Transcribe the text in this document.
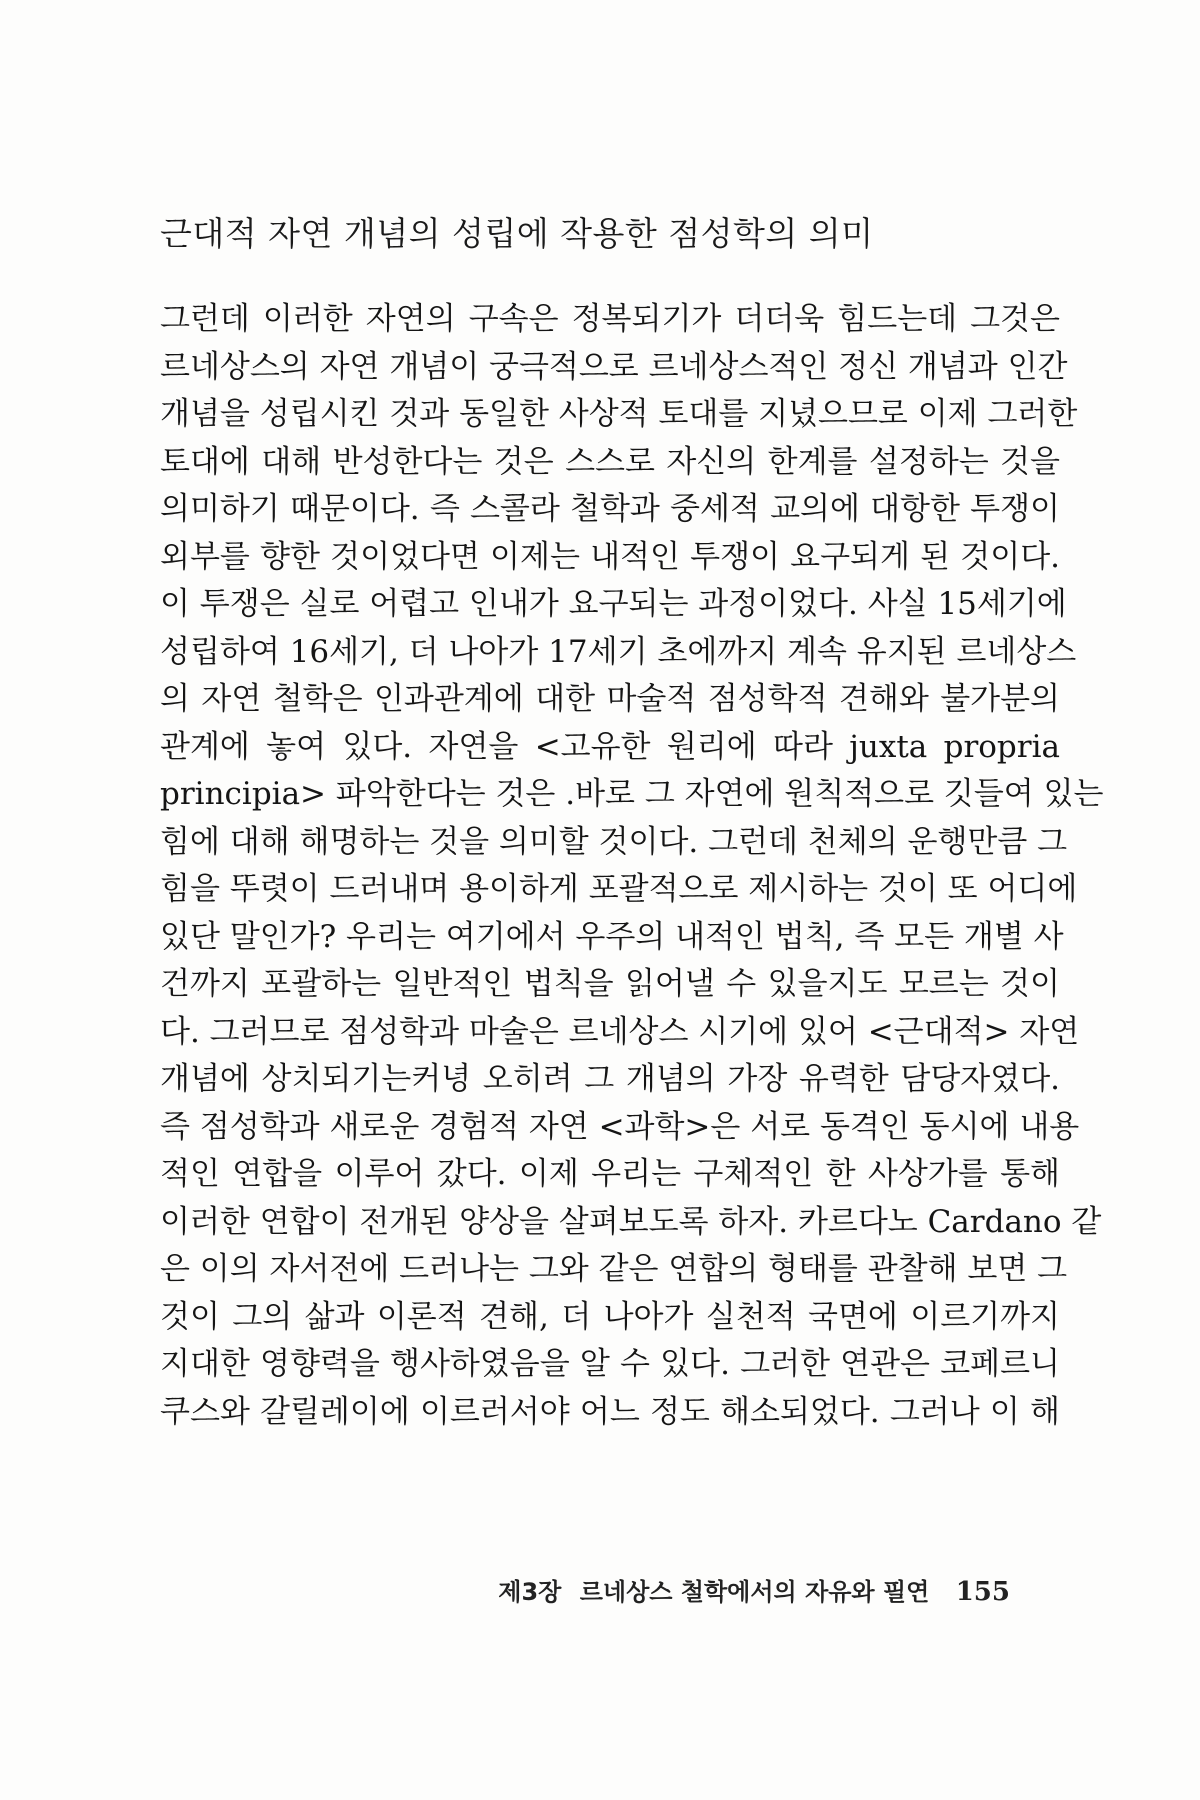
근대적 자연 개념의 성립에 작용한 점성학의 의미
그런데 이러한 자연의 구속은 정복되기가 더더욱 힘드는데 그것은
르네상스의 자연 개념이 궁극적으로 르네상스적인 정신 개념과 인간
개념을 성립시킨 것과 동일한 사상적 토대를 지녔으므로 이제 그러한
토대에 대해 반성한다는 것은 스스로 자신의 한계를 설정하는 것을
의미하기 때문이다. 즉 스콜라 철학과 중세적 교의에 대항한 투쟁이
외부를 향한 것이었다면 이제는 내적인 투쟁이 요구되게 된 것이다.
이 투쟁은 실로 어렵고 인내가 요구되는 과정이었다. 사실 15세기에
성립하여 16세기, 더 나아가 17세기 초에까지 계속 유지된 르네상스
의 자연 철학은 인과관계에 대한 마술적 점성학적 견해와 불가분의
관계에 놓여 있다. 자연을 <고유한 원리에 따라 juxta propria
principia> 파악한다는 것은 .바로 그 자연에 원칙적으로 깃들여 있는
힘에 대해 해명하는 것을 의미할 것이다. 그런데 천체의 운행만큼 그
힘을 뚜렷이 드러내며 용이하게 포괄적으로 제시하는 것이 또 어디에
있단 말인가? 우리는 여기에서 우주의 내적인 법칙, 즉 모든 개별 사
건까지 포괄하는 일반적인 법칙을 읽어낼 수 있을지도 모르는 것이
다. 그러므로 점성학과 마술은 르네상스 시기에 있어 <근대적> 자연
개념에 상치되기는커녕 오히려 그 개념의 가장 유력한 담당자였다.
즉 점성학과 새로운 경험적 자연 <과학>은 서로 동격인 동시에 내용
적인 연합을 이루어 갔다. 이제 우리는 구체적인 한 사상가를 통해
이러한 연합이 전개된 양상을 살펴보도록 하자. 카르다노 Cardano 같
은 이의 자서전에 드러나는 그와 같은 연합의 형태를 관찰해 보면 그
것이 그의 삶과 이론적 견해, 더 나아가 실천적 국면에 이르기까지
지대한 영향력을 행사하였음을 알 수 있다. 그러한 연관은 코페르니
쿠스와 갈릴레이에 이르러서야 어느 정도 해소되었다. 그러나 이 해
제3장 르네상스 철학에서의 자유와 필연 155
